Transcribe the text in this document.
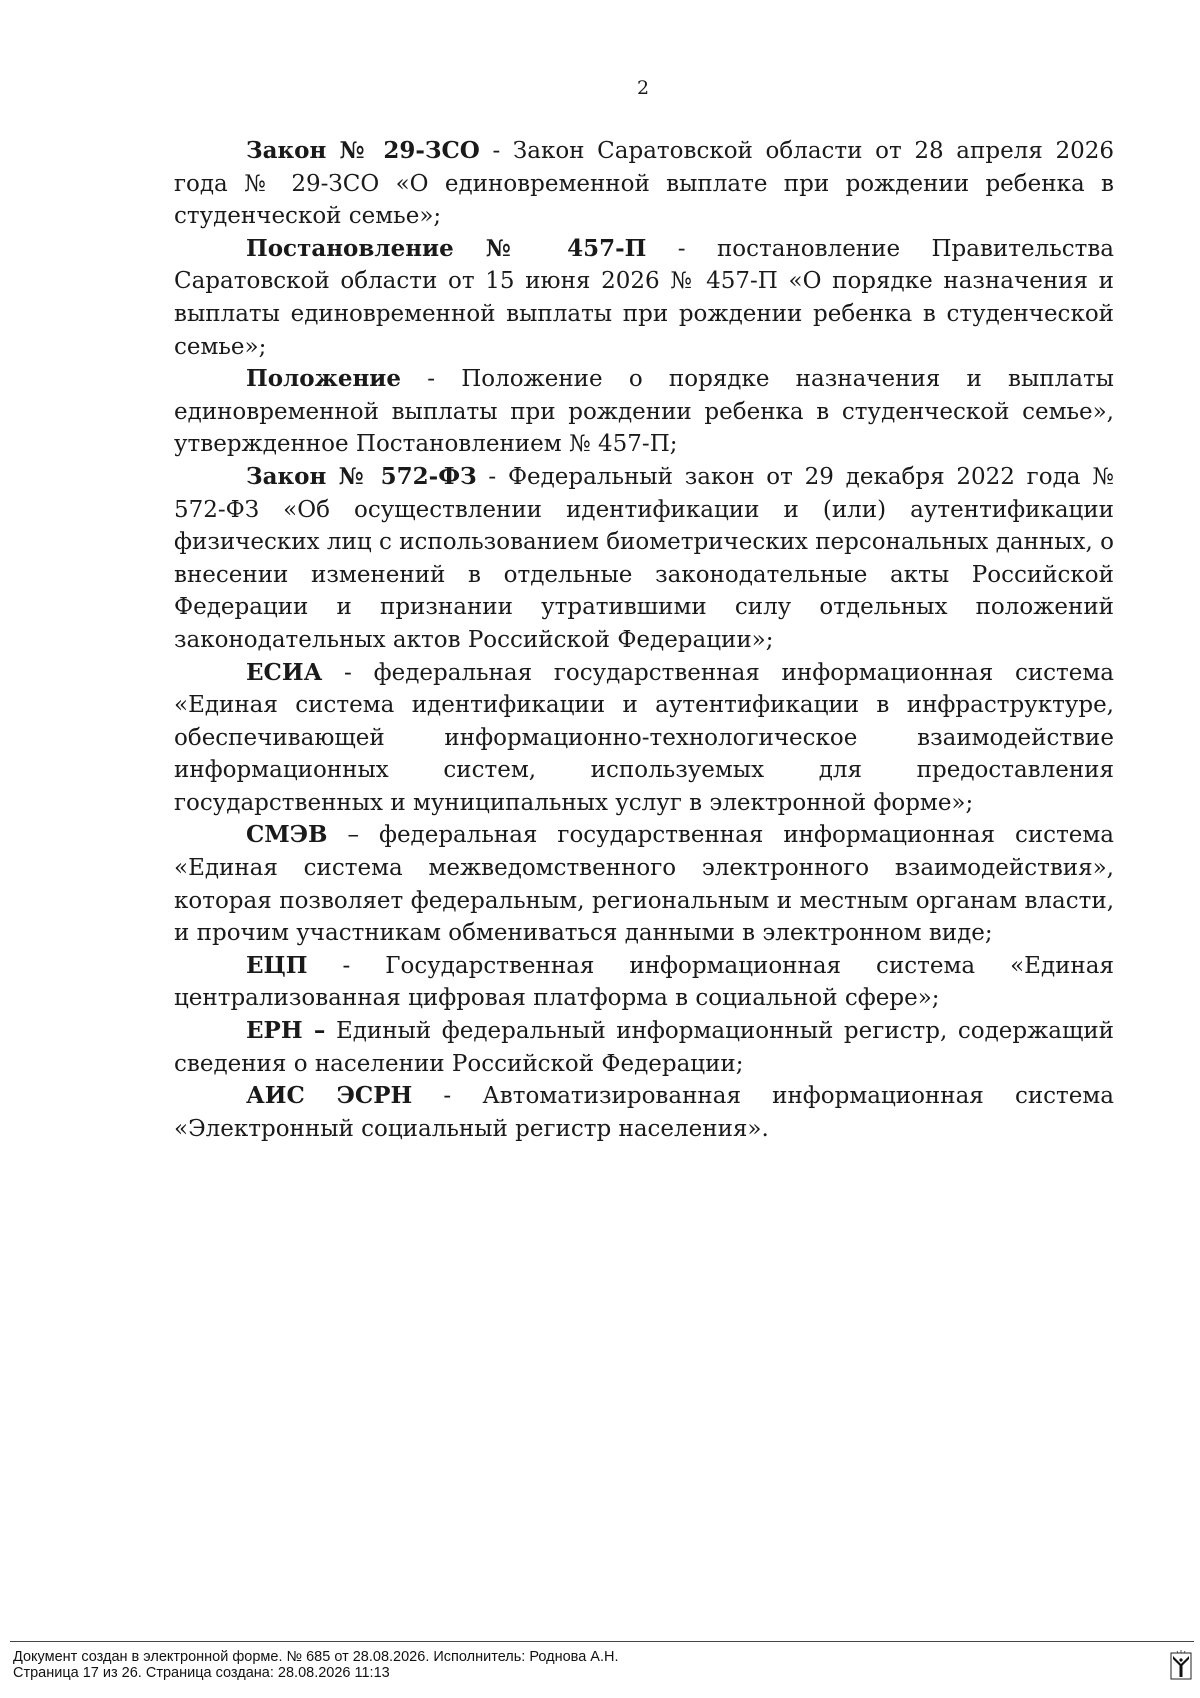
2

Закон № 29-ЗСО - Закон Саратовской области от 28 апреля 2026 года № 29-ЗСО «О единовременной выплате при рождении ребенка в студенческой семье»;

Постановление № 457-П - постановление Правительства Саратовской области от 15 июня 2026 № 457-П «О порядке назначения и выплаты единовременной выплаты при рождении ребенка в студенческой семье»;

Положение - Положение о порядке назначения и выплаты единовременной выплаты при рождении ребенка в студенческой семье», утвержденное Постановлением № 457-П;

Закон № 572-ФЗ - Федеральный закон от 29 декабря 2022 года № 572-ФЗ «Об осуществлении идентификации и (или) аутентификации физических лиц с использованием биометрических персональных данных, о внесении изменений в отдельные законодательные акты Российской Федерации и признании утратившими силу отдельных положений законодательных актов Российской Федерации»;

ЕСИА - федеральная государственная информационная система «Единая система идентификации и аутентификации в инфраструктуре, обеспечивающей информационно-технологическое взаимодействие информационных систем, используемых для предоставления государственных и муниципальных услуг в электронной форме»;

СМЭВ – федеральная государственная информационная система «Единая система межведомственного электронного взаимодействия», которая позволяет федеральным, региональным и местным органам власти, и прочим участникам обмениваться данными в электронном виде;

ЕЦП - Государственная информационная система «Единая централизованная цифровая платформа в социальной сфере»;

ЕРН – Единый федеральный информационный регистр, содержащий сведения о населении Российской Федерации;

АИС ЭСРН - Автоматизированная информационная система «Электронный социальный регистр населения».

Документ создан в электронной форме. № 685 от 28.08.2026. Исполнитель: Роднова А.Н.
Страница 17 из 26. Страница создана: 28.08.2026 11:13
